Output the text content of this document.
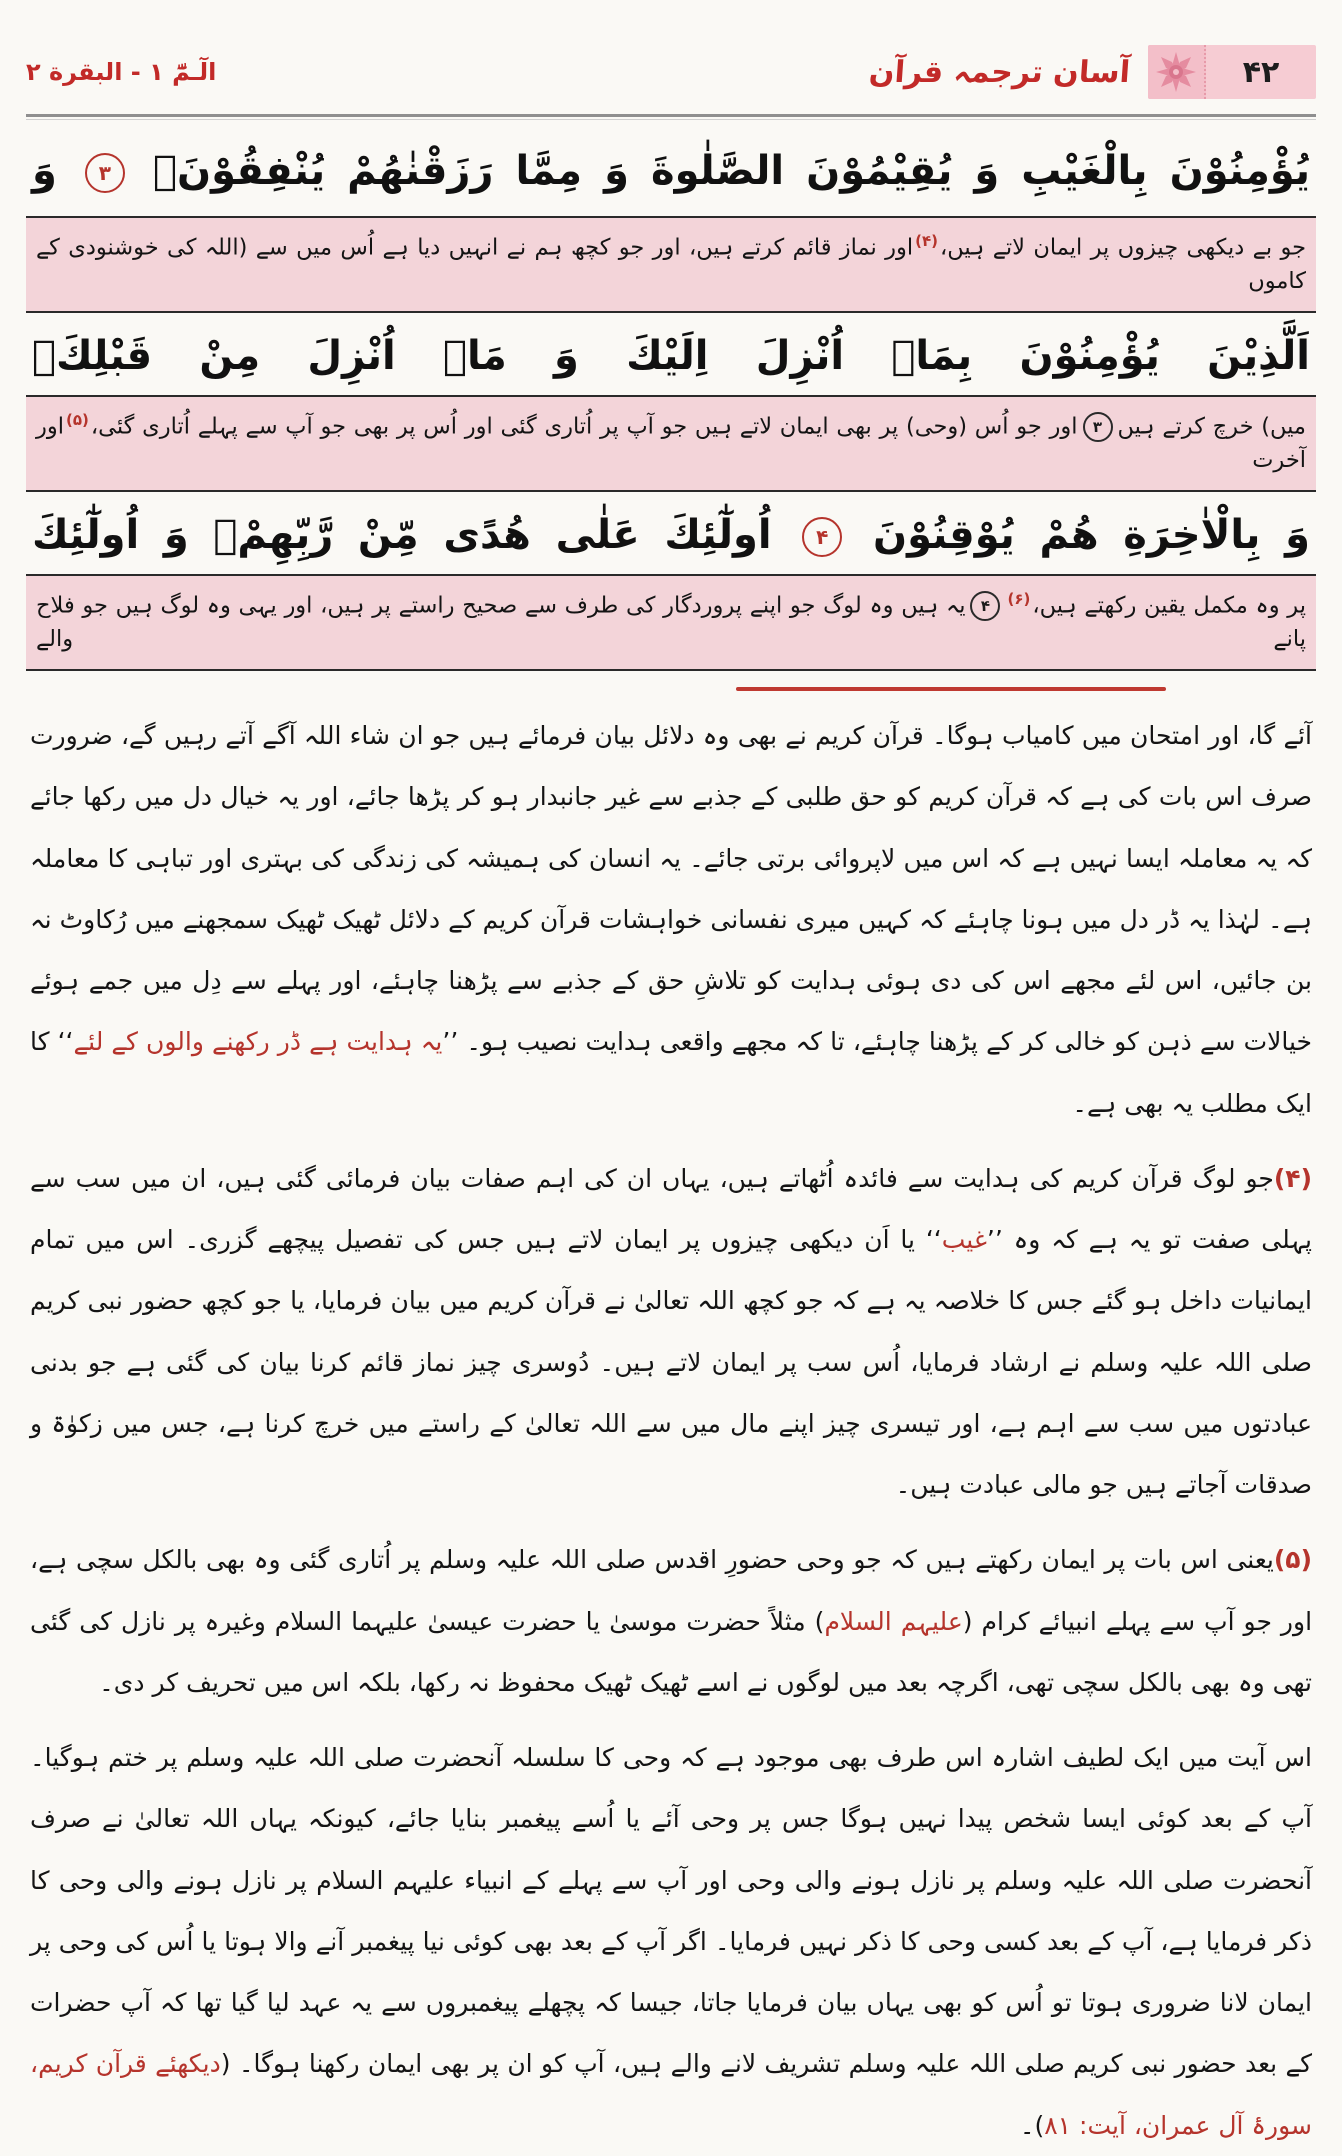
۴۲
آسان ترجمہ قرآن
الٓـمّٓ ۱ - البقرة ۲
يُؤْمِنُوْنَ بِالْغَيْبِ وَ يُقِيْمُوْنَ الصَّلٰوةَ وَ مِمَّا رَزَقْنٰهُمْ يُنْفِقُوْنَۙ ۳ وَ
جو بے دیکھی چیزوں پر ایمان لاتے ہیں،$^{(۴)}$اور نماز قائم کرتے ہیں، اور جو کچھ ہم نے انہیں دیا ہے اُس میں سے (اللہ کی خوشنودی کے کاموں
اَلَّذِيْنَ يُؤْمِنُوْنَ بِمَاۤ اُنْزِلَ اِلَيْكَ وَ مَاۤ اُنْزِلَ مِنْ قَبْلِكَۚ
میں) خرچ کرتے ہیں۳اور جو اُس (وحی) پر بھی ایمان لاتے ہیں جو آپ پر اُتاری گئی اور اُس پر بھی جو آپ سے پہلے اُتاری گئی،$^{(۵)}$اور آخرت
وَ بِالْاٰخِرَةِ هُمْ يُوْقِنُوْنَ ۴ اُولٰٓئِكَ عَلٰى هُدًى مِّنْ رَّبِّهِمْۗ وَ اُولٰٓئِكَ
پر وہ مکمل یقین رکھتے ہیں،$^{(۶)}$۴یہ ہیں وہ لوگ جو اپنے پروردگار کی طرف سے صحیح راستے پر ہیں، اور یہی وہ لوگ ہیں جو فلاح پانے والے

آئے گا، اور امتحان میں کامیاب ہوگا۔ قرآن کریم نے بھی وہ دلائل بیان فرمائے ہیں جو ان شاء اللہ آگے آتے رہیں گے، ضرورت صرف اس بات کی ہے کہ قرآن کریم کو حق طلبی کے جذبے سے غیر جانبدار ہو کر پڑھا جائے، اور یہ خیال دل میں رکھا جائے کہ یہ معاملہ ایسا نہیں ہے کہ اس میں لاپروائی برتی جائے۔ یہ انسان کی ہمیشہ کی زندگی کی بہتری اور تباہی کا معاملہ ہے۔ لہٰذا یہ ڈر دل میں ہونا چاہئے کہ کہیں میری نفسانی خواہشات قرآن کریم کے دلائل ٹھیک ٹھیک سمجھنے میں رُکاوٹ نہ بن جائیں، اس لئے مجھے اس کی دی ہوئی ہدایت کو تلاشِ حق کے جذبے سے پڑھنا چاہئے، اور پہلے سے دِل میں جمے ہوئے خیالات سے ذہن کو خالی کر کے پڑھنا چاہئے، تا کہ مجھے واقعی ہدایت نصیب ہو۔ ’’یہ ہدایت ہے ڈر رکھنے والوں کے لئے‘‘ کا ایک مطلب یہ بھی ہے۔

(۴)جو لوگ قرآن کریم کی ہدایت سے فائدہ اُٹھاتے ہیں، یہاں ان کی اہم صفات بیان فرمائی گئی ہیں، ان میں سب سے پہلی صفت تو یہ ہے کہ وہ ’’غیب‘‘ یا اَن دیکھی چیزوں پر ایمان لاتے ہیں جس کی تفصیل پیچھے گزری۔ اس میں تمام ایمانیات داخل ہو گئے جس کا خلاصہ یہ ہے کہ جو کچھ اللہ تعالیٰ نے قرآن کریم میں بیان فرمایا، یا جو کچھ حضور نبی کریم صلی اللہ علیہ وسلم نے ارشاد فرمایا، اُس سب پر ایمان لاتے ہیں۔ دُوسری چیز نماز قائم کرنا بیان کی گئی ہے جو بدنی عبادتوں میں سب سے اہم ہے، اور تیسری چیز اپنے مال میں سے اللہ تعالیٰ کے راستے میں خرچ کرنا ہے، جس میں زکوٰۃ و صدقات آجاتے ہیں جو مالی عبادت ہیں۔

(۵)یعنی اس بات پر ایمان رکھتے ہیں کہ جو وحی حضورِ اقدس صلی اللہ علیہ وسلم پر اُتاری گئی وہ بھی بالکل سچی ہے، اور جو آپ سے پہلے انبیائے کرام (علیہم السلام) مثلاً حضرت موسیٰ یا حضرت عیسیٰ علیہما السلام وغیرہ پر نازل کی گئی تھی وہ بھی بالکل سچی تھی، اگرچہ بعد میں لوگوں نے اسے ٹھیک ٹھیک محفوظ نہ رکھا، بلکہ اس میں تحریف کر دی۔

اس آیت میں ایک لطیف اشارہ اس طرف بھی موجود ہے کہ وحی کا سلسلہ آنحضرت صلی اللہ علیہ وسلم پر ختم ہوگیا۔ آپ کے بعد کوئی ایسا شخص پیدا نہیں ہوگا جس پر وحی آئے یا اُسے پیغمبر بنایا جائے، کیونکہ یہاں اللہ تعالیٰ نے صرف آنحضرت صلی اللہ علیہ وسلم پر نازل ہونے والی وحی اور آپ سے پہلے کے انبیاء علیہم السلام پر نازل ہونے والی وحی کا ذکر فرمایا ہے، آپ کے بعد کسی وحی کا ذکر نہیں فرمایا۔ اگر آپ کے بعد بھی کوئی نیا پیغمبر آنے والا ہوتا یا اُس کی وحی پر ایمان لانا ضروری ہوتا تو اُس کو بھی یہاں بیان فرمایا جاتا، جیسا کہ پچھلے پیغمبروں سے یہ عہد لیا گیا تھا کہ آپ حضرات کے بعد حضور نبی کریم صلی اللہ علیہ وسلم تشریف لانے والے ہیں، آپ کو ان پر بھی ایمان رکھنا ہوگا۔ (دیکھئے قرآن کریم، سورۂ آل عمران، آیت: ۸۱)۔
